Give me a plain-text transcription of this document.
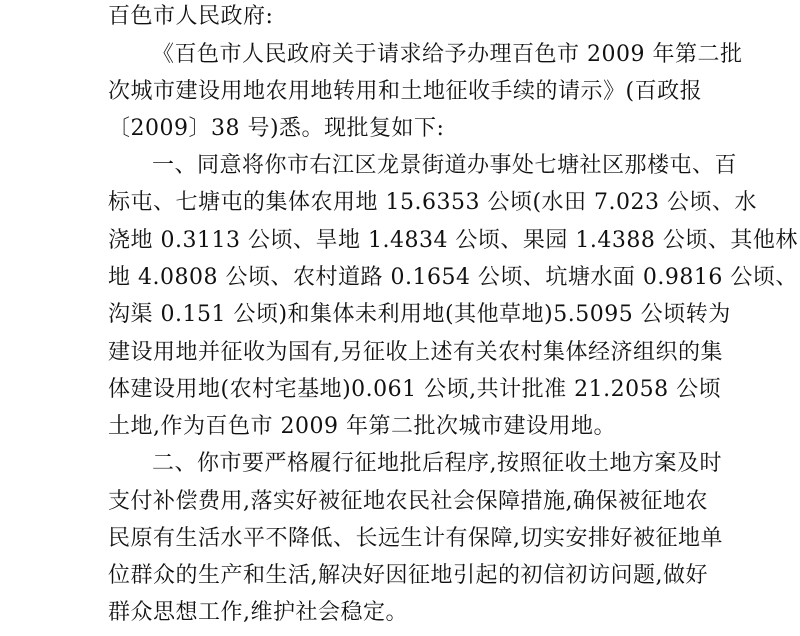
百色市人民政府:
《百色市人民政府关于请求给予办理百色市 2009 年第二批
次城市建设用地农用地转用和土地征收手续的请示》(百政报
〔2009〕38 号)悉。现批复如下:
一、同意将你市右江区龙景街道办事处七塘社区那楼屯、百
标屯、七塘屯的集体农用地 15.6353 公顷(水田 7.023 公顷、水
浇地 0.3113 公顷、旱地 1.4834 公顷、果园 1.4388 公顷、其他林
地 4.0808 公顷、农村道路 0.1654 公顷、坑塘水面 0.9816 公顷、
沟渠 0.151 公顷)和集体未利用地(其他草地)5.5095 公顷转为
建设用地并征收为国有,另征收上述有关农村集体经济组织的集
体建设用地(农村宅基地)0.061 公顷,共计批准 21.2058 公顷
土地,作为百色市 2009 年第二批次城市建设用地。
二、你市要严格履行征地批后程序,按照征收土地方案及时
支付补偿费用,落实好被征地农民社会保障措施,确保被征地农
民原有生活水平不降低、长远生计有保障,切实安排好被征地单
位群众的生产和生活,解决好因征地引起的初信初访问题,做好
群众思想工作,维护社会稳定。
